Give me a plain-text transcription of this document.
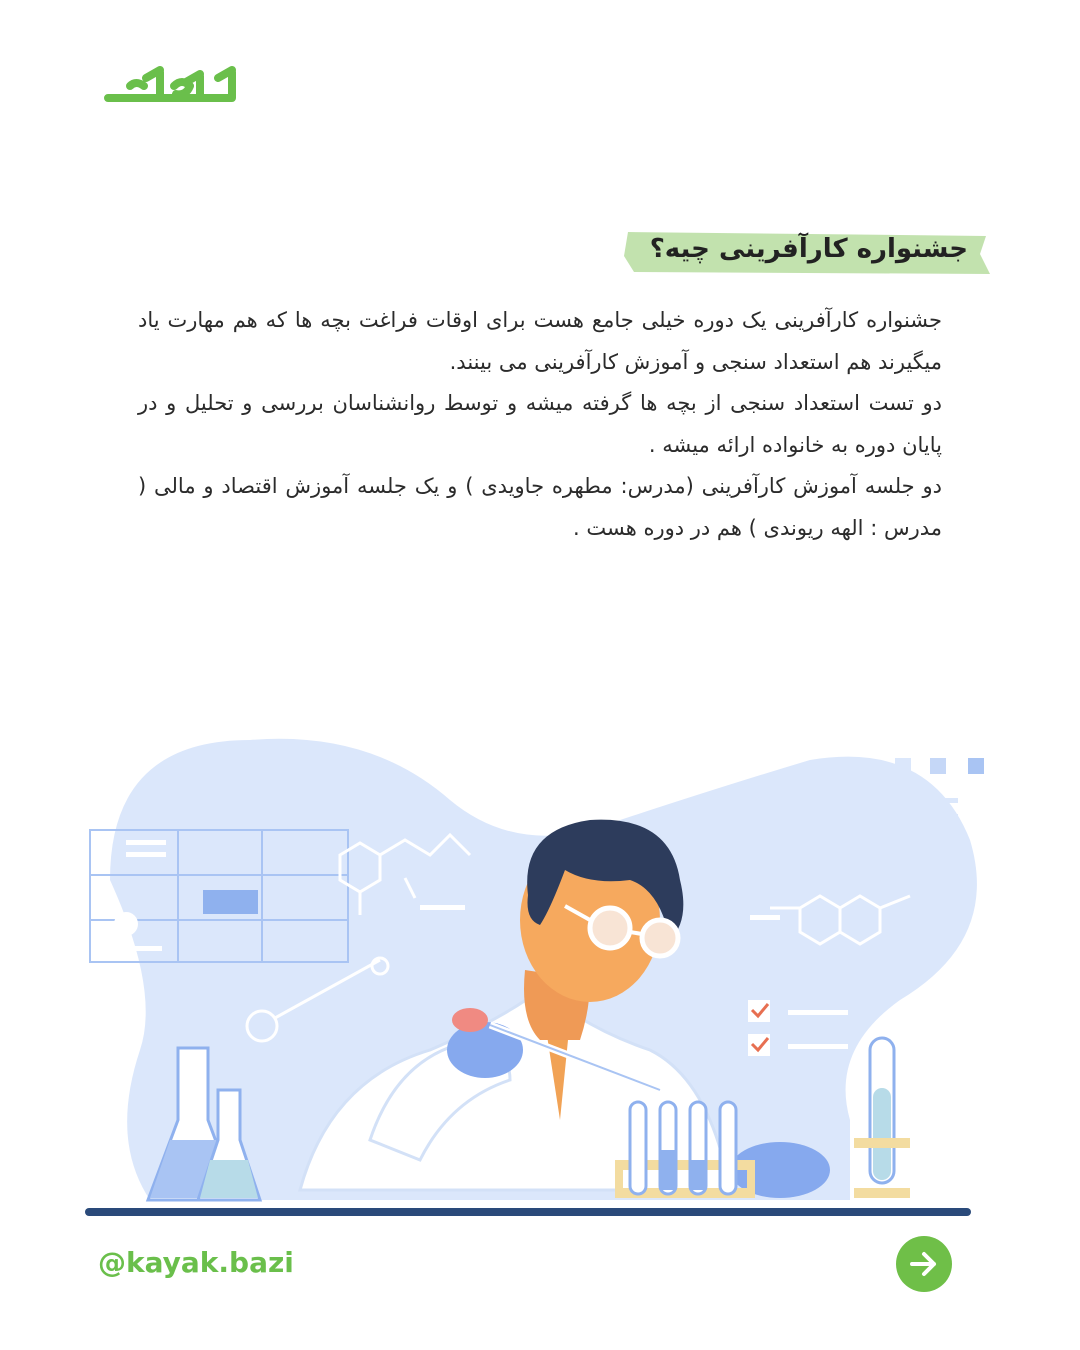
جشنواره کارآفرینی چیه؟

جشنواره کارآفرینی یک دوره خیلی جامع هست برای اوقات فراغت بچه ها که هم مهارت یاد میگیرند هم استعداد سنجی و آموزش کارآفرینی می بینند.

دو تست استعداد سنجی از بچه ها گرفته میشه و توسط روانشناسان بررسی و تحلیل و در پایان دوره به خانواده ارائه میشه .

دو جلسه آموزش کارآفرینی (مدرس: مطهره جاویدی ) و یک جلسه آموزش اقتصاد و مالی ( مدرس : الهه ریوندی ) هم در دوره هست .

@kayak.bazi
